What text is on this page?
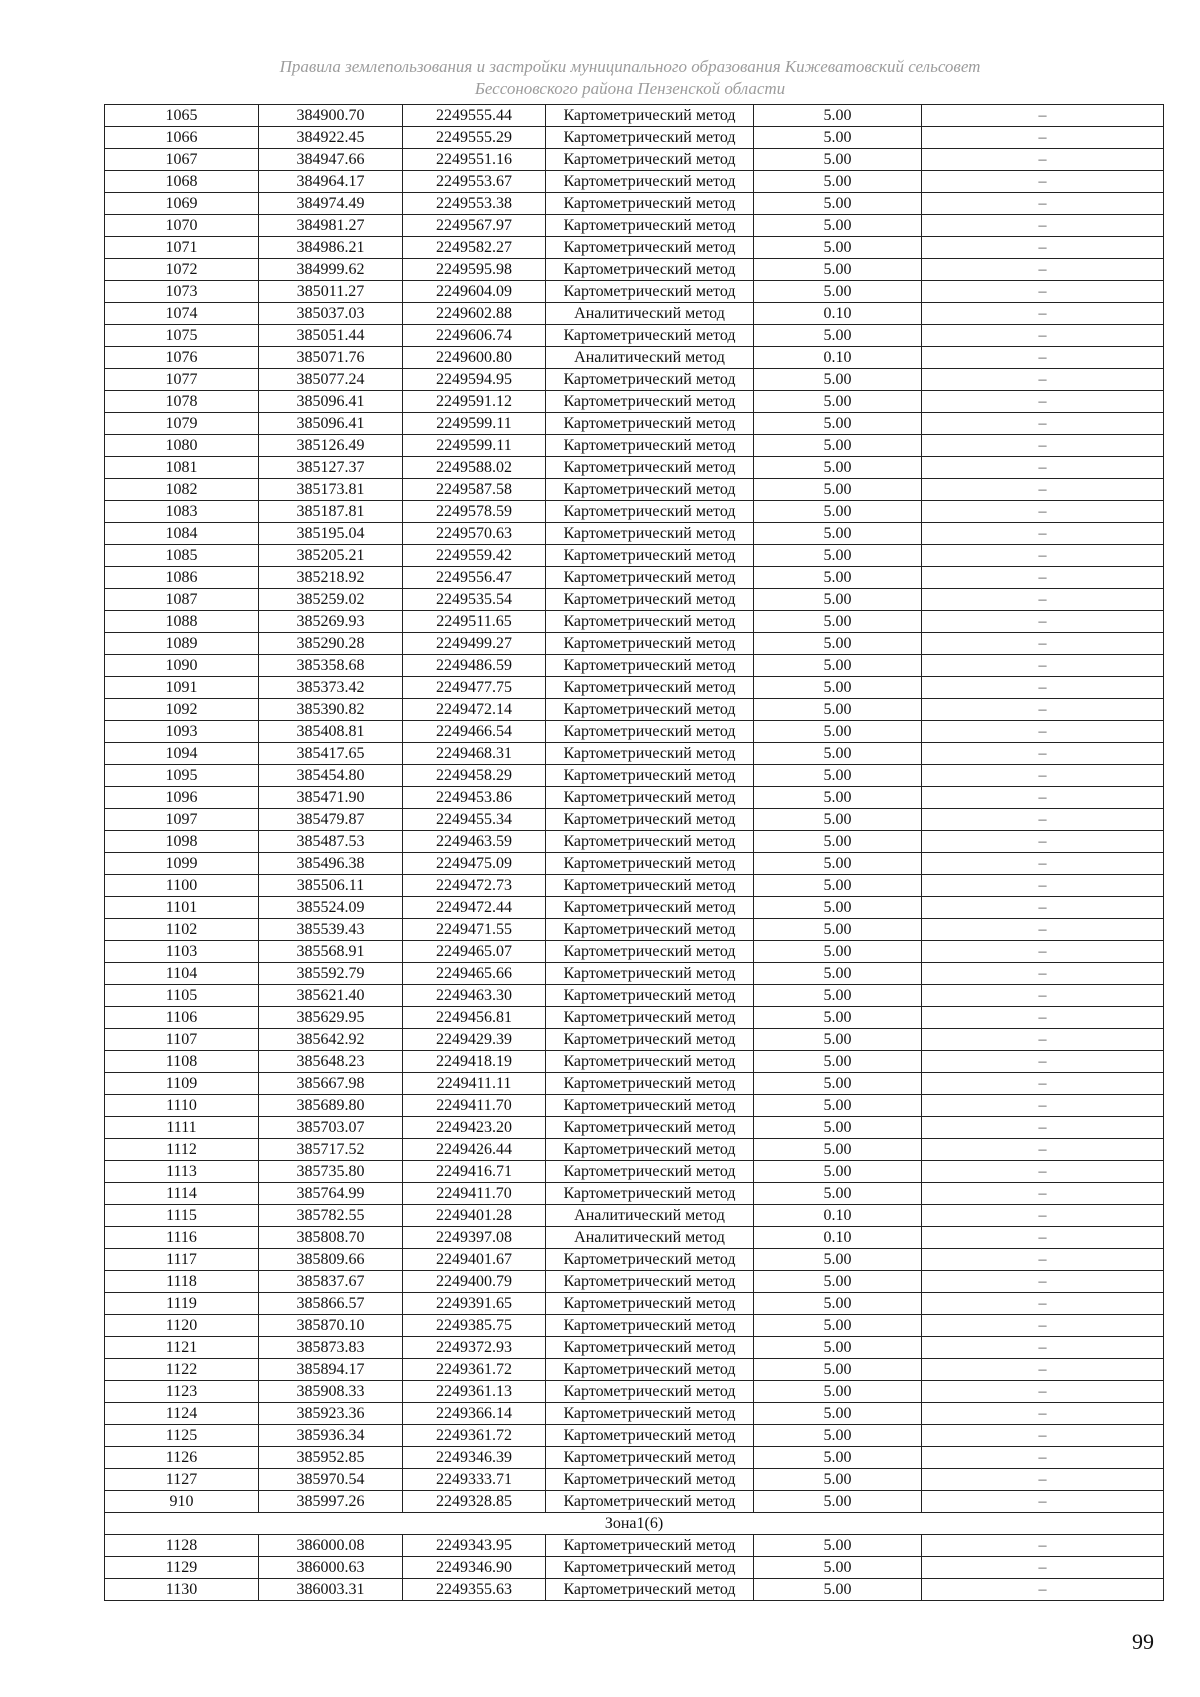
Правила землепользования и застройки муниципального образования Кижеватовский сельсовет
Бессоновского района Пензенской области
1065	384900.70	2249555.44	Картометрический метод	5.00	–
1066	384922.45	2249555.29	Картометрический метод	5.00	–
1067	384947.66	2249551.16	Картометрический метод	5.00	–
1068	384964.17	2249553.67	Картометрический метод	5.00	–
1069	384974.49	2249553.38	Картометрический метод	5.00	–
1070	384981.27	2249567.97	Картометрический метод	5.00	–
1071	384986.21	2249582.27	Картометрический метод	5.00	–
1072	384999.62	2249595.98	Картометрический метод	5.00	–
1073	385011.27	2249604.09	Картометрический метод	5.00	–
1074	385037.03	2249602.88	Аналитический метод	0.10	–
1075	385051.44	2249606.74	Картометрический метод	5.00	–
1076	385071.76	2249600.80	Аналитический метод	0.10	–
1077	385077.24	2249594.95	Картометрический метод	5.00	–
1078	385096.41	2249591.12	Картометрический метод	5.00	–
1079	385096.41	2249599.11	Картометрический метод	5.00	–
1080	385126.49	2249599.11	Картометрический метод	5.00	–
1081	385127.37	2249588.02	Картометрический метод	5.00	–
1082	385173.81	2249587.58	Картометрический метод	5.00	–
1083	385187.81	2249578.59	Картометрический метод	5.00	–
1084	385195.04	2249570.63	Картометрический метод	5.00	–
1085	385205.21	2249559.42	Картометрический метод	5.00	–
1086	385218.92	2249556.47	Картометрический метод	5.00	–
1087	385259.02	2249535.54	Картометрический метод	5.00	–
1088	385269.93	2249511.65	Картометрический метод	5.00	–
1089	385290.28	2249499.27	Картометрический метод	5.00	–
1090	385358.68	2249486.59	Картометрический метод	5.00	–
1091	385373.42	2249477.75	Картометрический метод	5.00	–
1092	385390.82	2249472.14	Картометрический метод	5.00	–
1093	385408.81	2249466.54	Картометрический метод	5.00	–
1094	385417.65	2249468.31	Картометрический метод	5.00	–
1095	385454.80	2249458.29	Картометрический метод	5.00	–
1096	385471.90	2249453.86	Картометрический метод	5.00	–
1097	385479.87	2249455.34	Картометрический метод	5.00	–
1098	385487.53	2249463.59	Картометрический метод	5.00	–
1099	385496.38	2249475.09	Картометрический метод	5.00	–
1100	385506.11	2249472.73	Картометрический метод	5.00	–
1101	385524.09	2249472.44	Картометрический метод	5.00	–
1102	385539.43	2249471.55	Картометрический метод	5.00	–
1103	385568.91	2249465.07	Картометрический метод	5.00	–
1104	385592.79	2249465.66	Картометрический метод	5.00	–
1105	385621.40	2249463.30	Картометрический метод	5.00	–
1106	385629.95	2249456.81	Картометрический метод	5.00	–
1107	385642.92	2249429.39	Картометрический метод	5.00	–
1108	385648.23	2249418.19	Картометрический метод	5.00	–
1109	385667.98	2249411.11	Картометрический метод	5.00	–
1110	385689.80	2249411.70	Картометрический метод	5.00	–
1111	385703.07	2249423.20	Картометрический метод	5.00	–
1112	385717.52	2249426.44	Картометрический метод	5.00	–
1113	385735.80	2249416.71	Картометрический метод	5.00	–
1114	385764.99	2249411.70	Картометрический метод	5.00	–
1115	385782.55	2249401.28	Аналитический метод	0.10	–
1116	385808.70	2249397.08	Аналитический метод	0.10	–
1117	385809.66	2249401.67	Картометрический метод	5.00	–
1118	385837.67	2249400.79	Картометрический метод	5.00	–
1119	385866.57	2249391.65	Картометрический метод	5.00	–
1120	385870.10	2249385.75	Картометрический метод	5.00	–
1121	385873.83	2249372.93	Картометрический метод	5.00	–
1122	385894.17	2249361.72	Картометрический метод	5.00	–
1123	385908.33	2249361.13	Картометрический метод	5.00	–
1124	385923.36	2249366.14	Картометрический метод	5.00	–
1125	385936.34	2249361.72	Картометрический метод	5.00	–
1126	385952.85	2249346.39	Картометрический метод	5.00	–
1127	385970.54	2249333.71	Картометрический метод	5.00	–
910	385997.26	2249328.85	Картометрический метод	5.00	–
Зона1(6)					
1128	386000.08	2249343.95	Картометрический метод	5.00	–
1129	386000.63	2249346.90	Картометрический метод	5.00	–
1130	386003.31	2249355.63	Картометрический метод	5.00	–
99
